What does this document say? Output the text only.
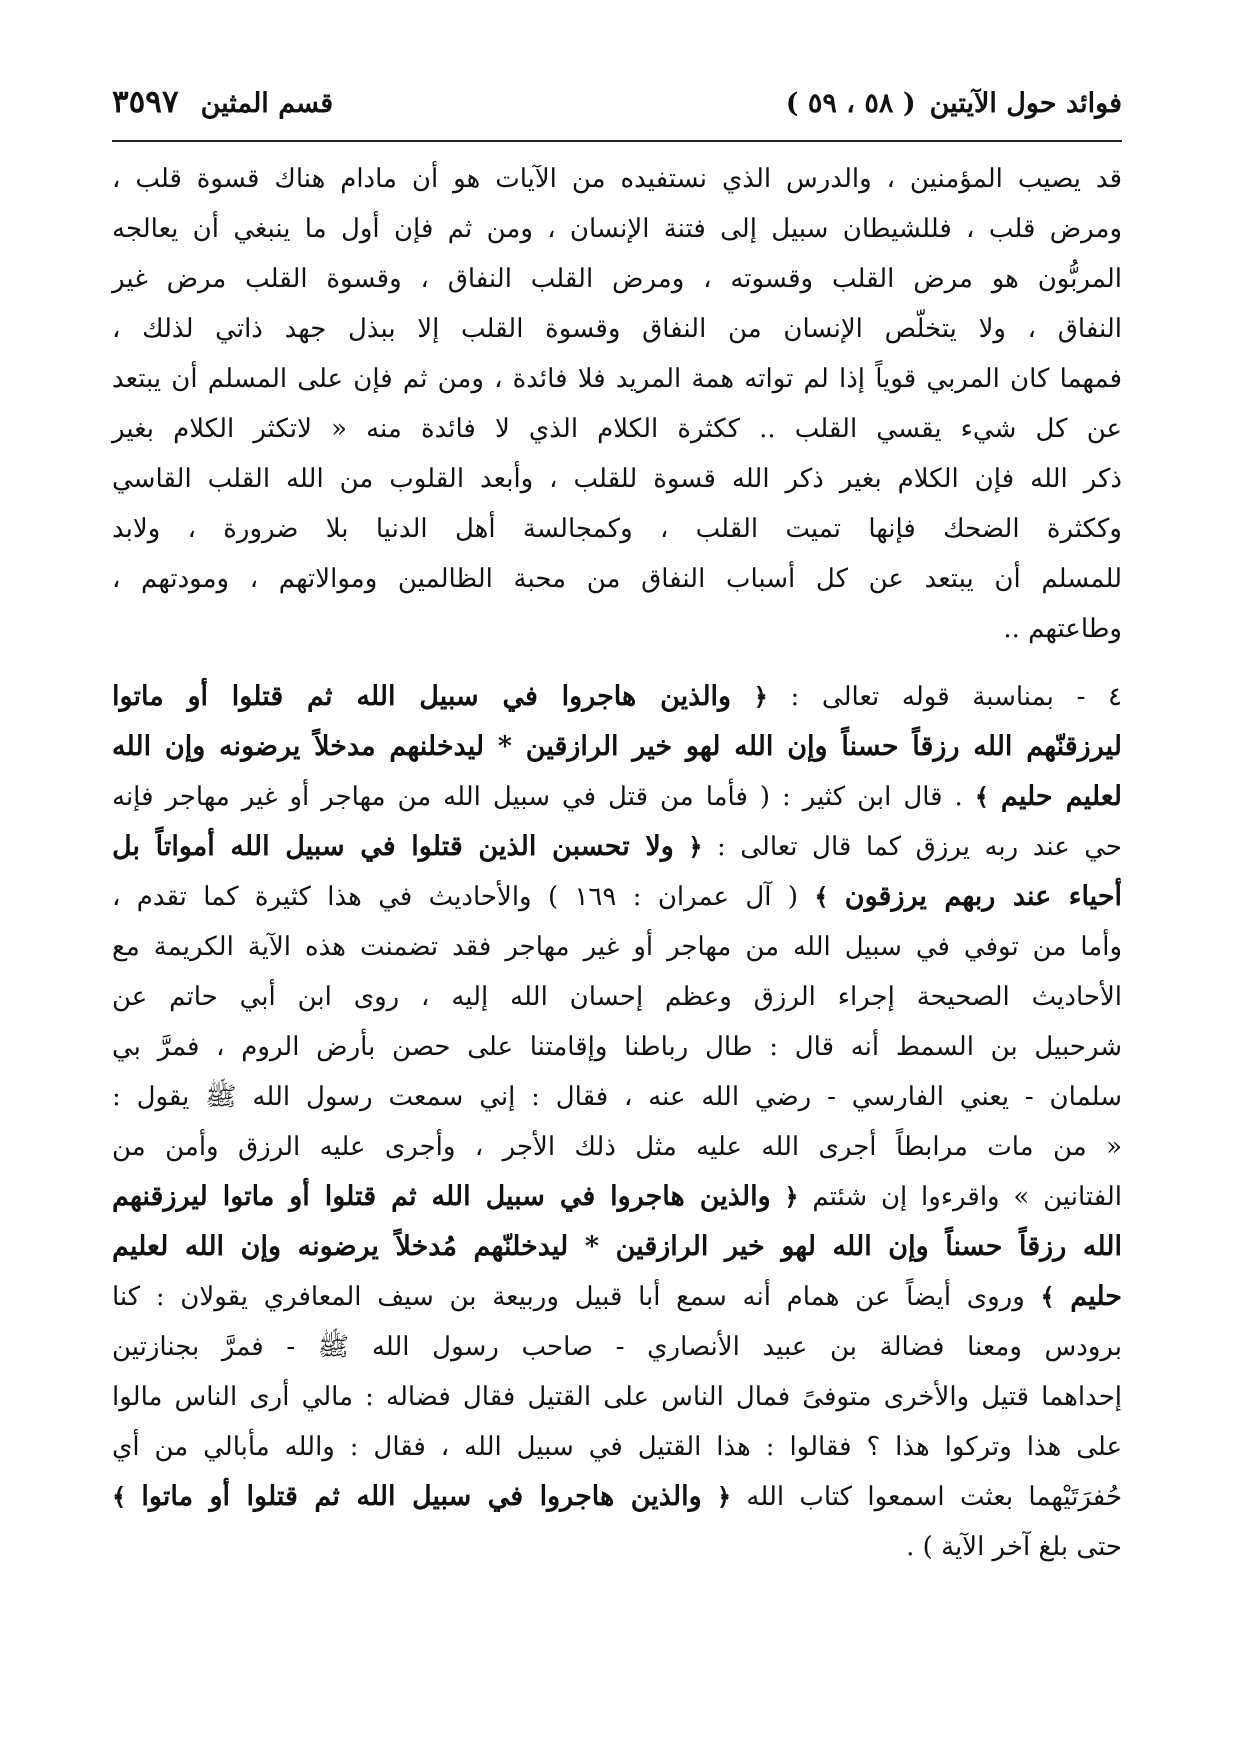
فوائد حول الآيتين
( ٥٨ ، ٥٩ )
قسم المثين
٣٥٩٧

قد يصيب المؤمنين ، والدرس الذي نستفيده من الآيات هو أن مادام هناك قسوة قلب ،

ومرض قلب ، فللشيطان سبيل إلى فتنة الإنسان ، ومن ثم فإن أول ما ينبغي أن يعالجه

المربُّون هو مرض القلب وقسوته ، ومرض القلب النفاق ، وقسوة القلب مرض غير

النفاق ، ولا يتخلّص الإنسان من النفاق وقسوة القلب إلا ببذل جهد ذاتي لذلك ،

فمهما كان المربي قوياً إذا لم تواته همة المريد فلا فائدة ، ومن ثم فإن على المسلم أن يبتعد

عن كل شيء يقسي القلب .. ككثرة الكلام الذي لا فائدة منه « لاتكثر الكلام بغير

ذكر الله فإن الكلام بغير ذكر الله قسوة للقلب ، وأبعد القلوب من الله القلب القاسي

وككثرة الضحك فإنها تميت القلب ، وكمجالسة أهل الدنيا بلا ضرورة ، ولابد

للمسلم أن يبتعد عن كل أسباب النفاق من محبة الظالمين وموالاتهم ، ومودتهم ،

وطاعتهم ..

٤ - بمناسبة قوله تعالى : ﴿ والذين هاجروا في سبيل الله ثم قتلوا أو ماتوا

ليرزقنّهم الله رزقاً حسناً وإن الله لهو خير الرازقين * ليدخلنهم مدخلاً يرضونه وإن الله

لعليم حليم ﴾ . قال ابن كثير : ( فأما من قتل في سبيل الله من مهاجر أو غير مهاجر فإنه

حي عند ربه يرزق كما قال تعالى : ﴿ ولا تحسبن الذين قتلوا في سبيل الله أمواتاً بل

أحياء عند ربهم يرزقون ﴾ ( آل عمران : ١٦٩ ) والأحاديث في هذا كثيرة كما تقدم ،

وأما من توفي في سبيل الله من مهاجر أو غير مهاجر فقد تضمنت هذه الآية الكريمة مع

الأحاديث الصحيحة إجراء الرزق وعظم إحسان الله إليه ، روى ابن أبي حاتم عن

شرحبيل بن السمط أنه قال : طال رباطنا وإقامتنا على حصن بأرض الروم ، فمرَّ بي

سلمان - يعني الفارسي - رضي الله عنه ، فقال : إني سمعت رسول الله ﷺ يقول :

« من مات مرابطاً أجرى الله عليه مثل ذلك الأجر ، وأجرى عليه الرزق وأمن من

الفتانين » واقرءوا إن شئتم ﴿ والذين هاجروا في سبيل الله ثم قتلوا أو ماتوا ليرزقنهم

الله رزقاً حسناً وإن الله لهو خير الرازقين * ليدخلنّهم مُدخلاً يرضونه وإن الله لعليم

حليم ﴾ وروى أيضاً عن همام أنه سمع أبا قبيل وربيعة بن سيف المعافري يقولان : كنا

برودس ومعنا فضالة بن عبيد الأنصاري - صاحب رسول الله ﷺ - فمرَّ بجنازتين

إحداهما قتيل والأخرى متوفىً فمال الناس على القتيل فقال فضاله : مالي أرى الناس مالوا

على هذا وتركوا هذا ؟ فقالوا : هذا القتيل في سبيل الله ، فقال : والله مأبالي من أي

حُفرَتَيْهما بعثت اسمعوا كتاب الله ﴿ والذين هاجروا في سبيل الله ثم قتلوا أو ماتوا ﴾

حتى بلغ آخر الآية ) .
